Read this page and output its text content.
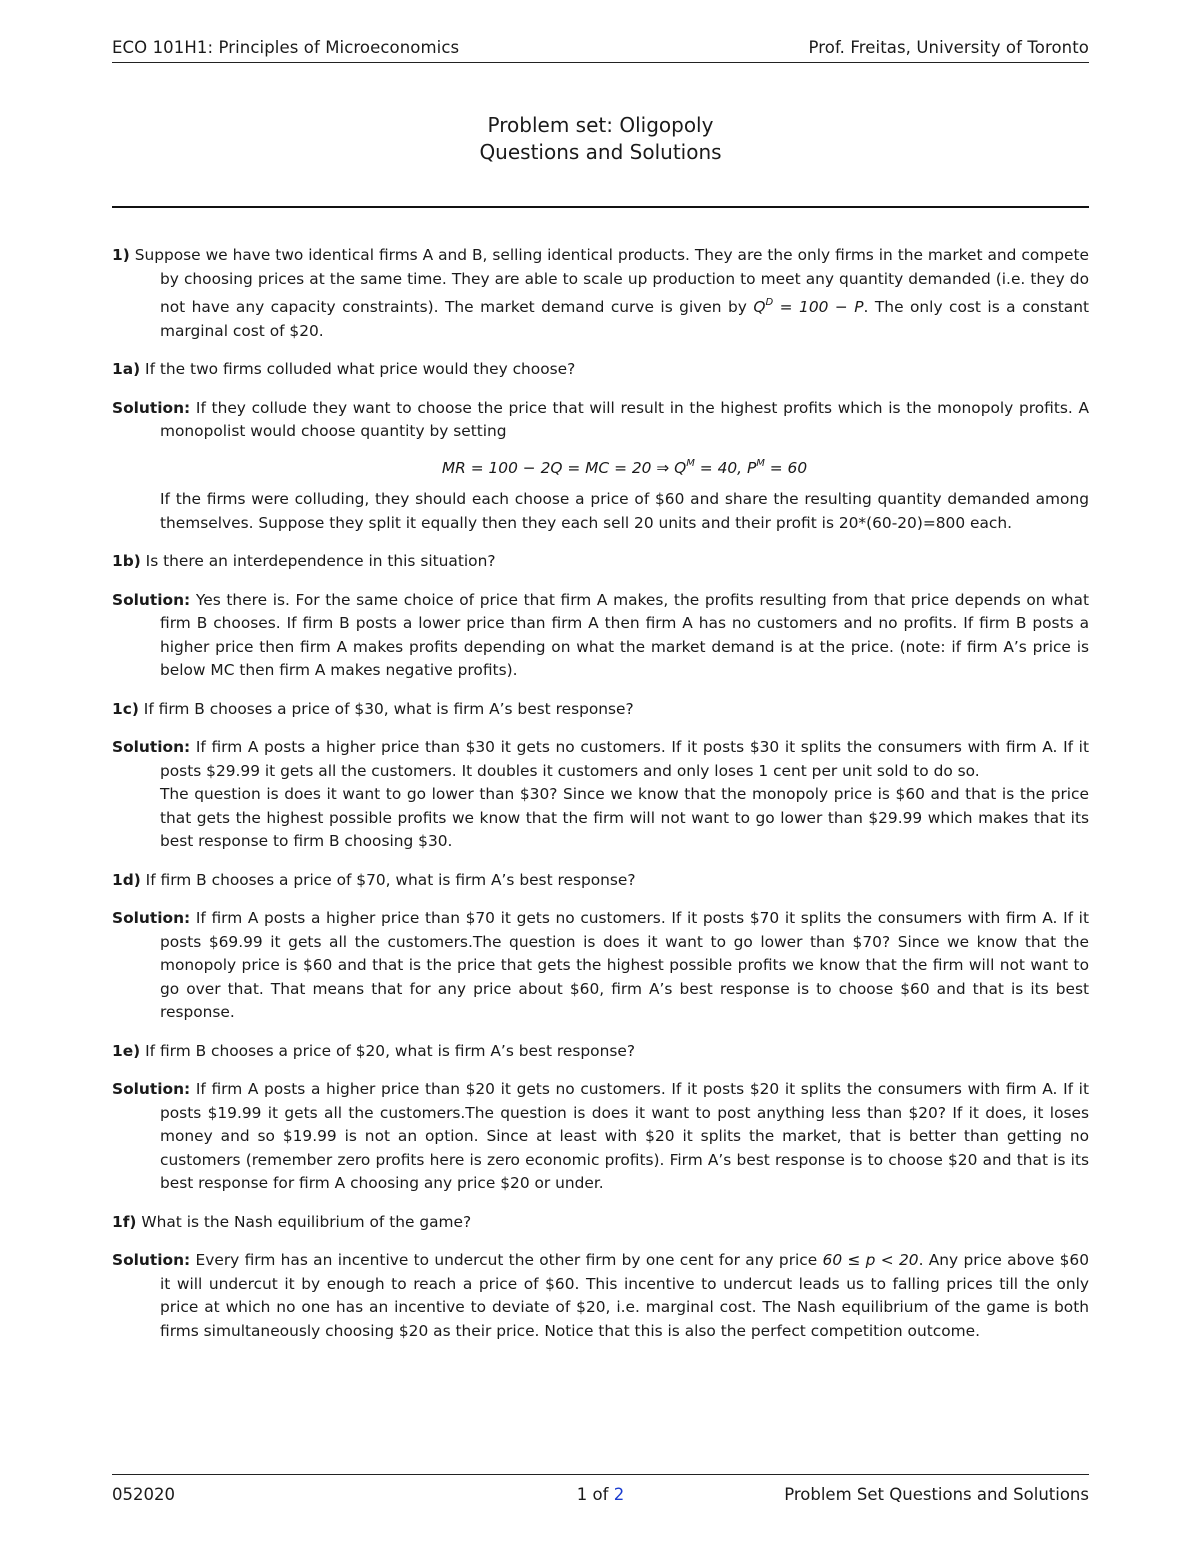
ECO 101H1: Principles of Microeconomics	Prof. Freitas, University of Toronto
Problem set: Oligopoly
Questions and Solutions
1) Suppose we have two identical firms A and B, selling identical products. They are the only firms in the market and compete by choosing prices at the same time. They are able to scale up production to meet any quantity demanded (i.e. they do not have any capacity constraints). The market demand curve is given by $Q^D = 100 - P$. The only cost is a constant marginal cost of $20.
1a) If the two firms colluded what price would they choose?
Solution: If they collude they want to choose the price that will result in the highest profits which is the monopoly profits. A monopolist would choose quantity by setting
MR = 100 − 2Q = MC = 20 ⇒ $Q^M = 40$, $P^M = 60$
If the firms were colluding, they should each choose a price of $60 and share the resulting quantity demanded among themselves. Suppose they split it equally then they each sell 20 units and their profit is 20*(60-20)=800 each.
1b) Is there an interdependence in this situation?
Solution: Yes there is. For the same choice of price that firm A makes, the profits resulting from that price depends on what firm B chooses. If firm B posts a lower price than firm A then firm A has no customers and no profits. If firm B posts a higher price then firm A makes profits depending on what the market demand is at the price. (note: if firm A’s price is below MC then firm A makes negative profits).
1c) If firm B chooses a price of $30, what is firm A’s best response?
Solution: If firm A posts a higher price than $30 it gets no customers. If it posts $30 it splits the consumers with firm A. If it posts $29.99 it gets all the customers. It doubles it customers and only loses 1 cent per unit sold to do so.
The question is does it want to go lower than $30? Since we know that the monopoly price is $60 and that is the price that gets the highest possible profits we know that the firm will not want to go lower than $29.99 which makes that its best response to firm B choosing $30.
1d) If firm B chooses a price of $70, what is firm A’s best response?
Solution: If firm A posts a higher price than $70 it gets no customers. If it posts $70 it splits the consumers with firm A. If it posts $69.99 it gets all the customers.The question is does it want to go lower than $70? Since we know that the monopoly price is $60 and that is the price that gets the highest possible profits we know that the firm will not want to go over that. That means that for any price about $60, firm A’s best response is to choose $60 and that is its best response.
1e) If firm B chooses a price of $20, what is firm A’s best response?
Solution: If firm A posts a higher price than $20 it gets no customers. If it posts $20 it splits the consumers with firm A. If it posts $19.99 it gets all the customers.The question is does it want to post anything less than $20? If it does, it loses money and so $19.99 is not an option. Since at least with $20 it splits the market, that is better than getting no customers (remember zero profits here is zero economic profits). Firm A’s best response is to choose $20 and that is its best response for firm A choosing any price $20 or under.
1f) What is the Nash equilibrium of the game?
Solution: Every firm has an incentive to undercut the other firm by one cent for any price 60 ≤ p < 20. Any price above $60 it will undercut it by enough to reach a price of $60. This incentive to undercut leads us to falling prices till the only price at which no one has an incentive to deviate of $20, i.e. marginal cost. The Nash equilibrium of the game is both firms simultaneously choosing $20 as their price. Notice that this is also the perfect competition outcome.
052020	1 of 2	Problem Set Questions and Solutions
